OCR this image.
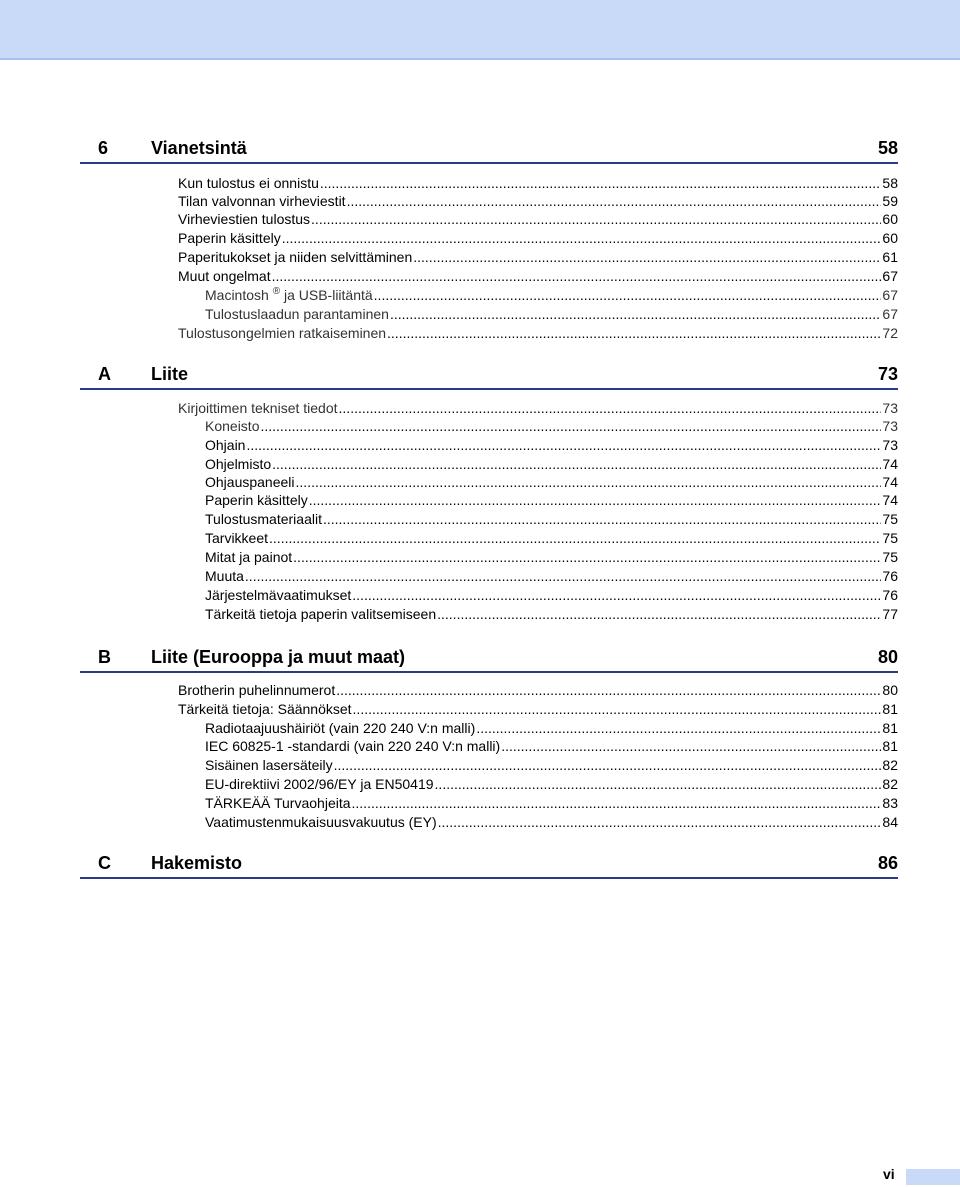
6 Vianetsintä	58
Kun tulostus ei onnistu .....	58
Tilan valvonnan virheviestit .....	59
Virheviestien tulostus .....	60
Paperin käsittely .....	60
Paperitukokset ja niiden selvittäminen .....	61
Muut ongelmat .....	67
Macintosh ® ja USB-liitäntä .....	67
Tulostuslaadun parantaminen .....	67
Tulostusongelmien ratkaiseminen .....	72
A Liite	73
Kirjoittimen tekniset tiedot .....	73
Koneisto .....	73
Ohjain .....	73
Ohjelmisto .....	74
Ohjauspaneeli .....	74
Paperin käsittely .....	74
Tulostusmateriaalit .....	75
Tarvikkeet .....	75
Mitat ja painot .....	75
Muuta .....	76
Järjestelmävaatimukset .....	76
Tärkeitä tietoja paperin valitsemiseen .....	77
B Liite (Eurooppa ja muut maat)	80
Brotherin puhelinnumerot .....	80
Tärkeitä tietoja: Säännökset .....	81
Radiotaajuushäiriöt (vain 220 240 V:n malli) .....	81
IEC 60825-1 -standardi (vain 220 240 V:n malli) .....	81
Sisäinen lasersäteily .....	82
EU-direktiivi 2002/96/EY ja EN50419 .....	82
TÄRKEÄÄ Turvaohjeita .....	83
Vaatimustenmukaisuusvakuutus (EY) .....	84
C Hakemisto	86
vi
